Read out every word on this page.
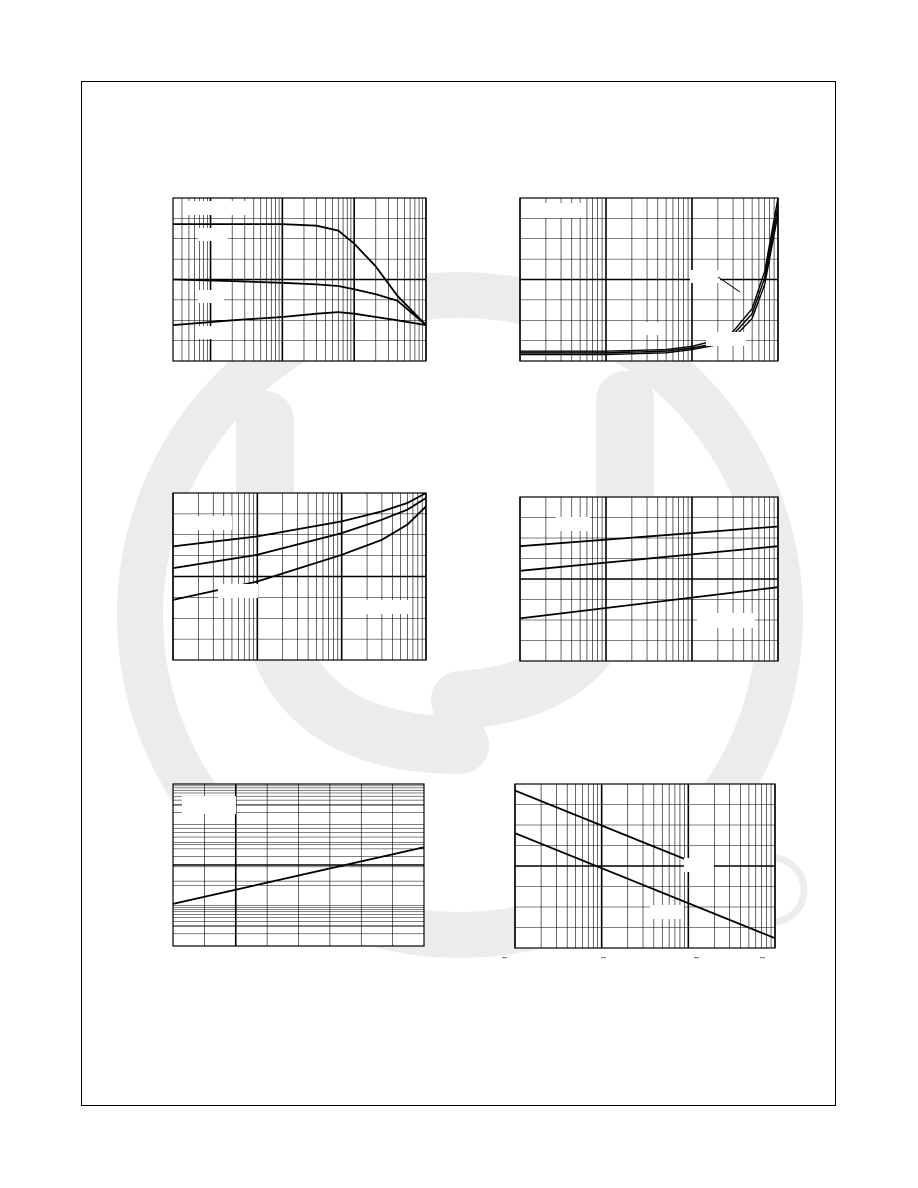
–	–	–	–
